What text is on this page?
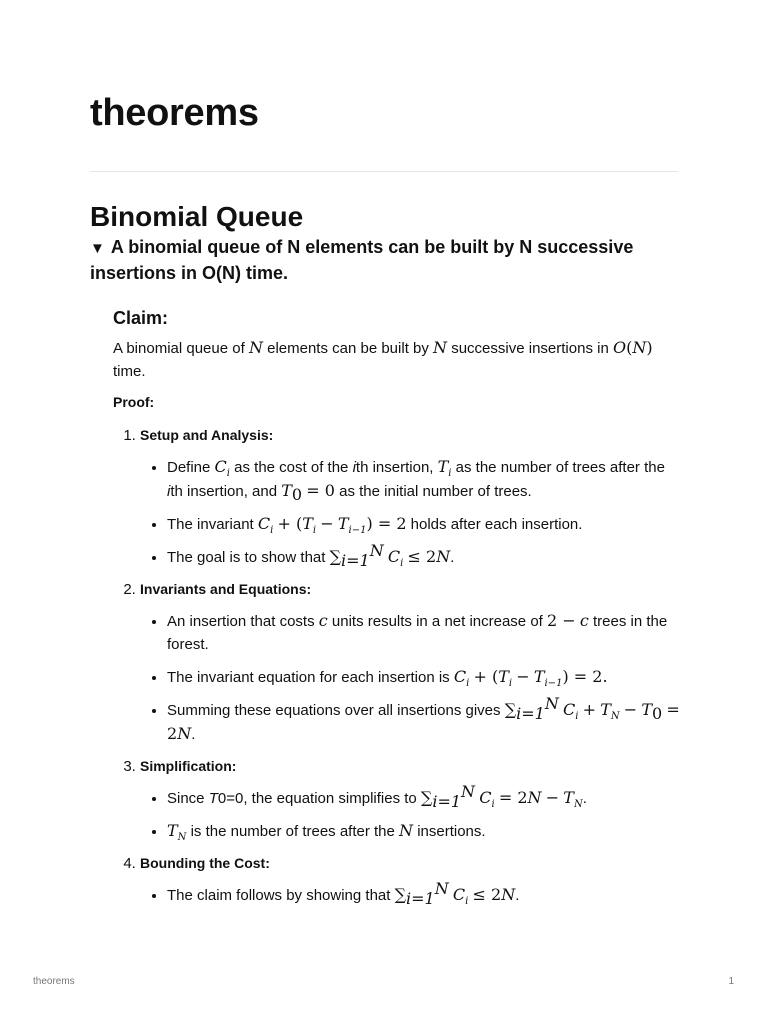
theorems
Binomial Queue
▼ A binomial queue of N elements can be built by N successive insertions in O(N) time.
Claim:

A binomial queue of N elements can be built by N successive insertions in O(N) time.

Proof:

1. Setup and Analysis:
• Define $C_i$ as the cost of the ith insertion, $T_i$ as the number of trees after the ith insertion, and $T_0 = 0$ as the initial number of trees.
• The invariant $C_i + (T_i - T_{i-1}) = 2$ holds after each insertion.
• The goal is to show that $\sum_{i=1}^N$ $C_i \le 2N$.
2. Invariants and Equations:
• An insertion that costs c units results in a net increase of 2 − c trees in the forest.
• The invariant equation for each insertion is $C_i + (T_i - T_{i-1}) = 2$.
• Summing these equations over all insertions gives $\sum_{i=1}^N$ $C_i + T_N - T_0 = 2N$.
3. Simplification:
• Since T0=0, the equation simplifies to $\sum_{i=1}^N$ $C_i = 2N - T_N$.
• $T_N$ is the number of trees after the N insertions.
4. Bounding the Cost:
• The claim follows by showing that $\sum_{i=1}^N$ $C_i \le 2N$.
theorems	1
